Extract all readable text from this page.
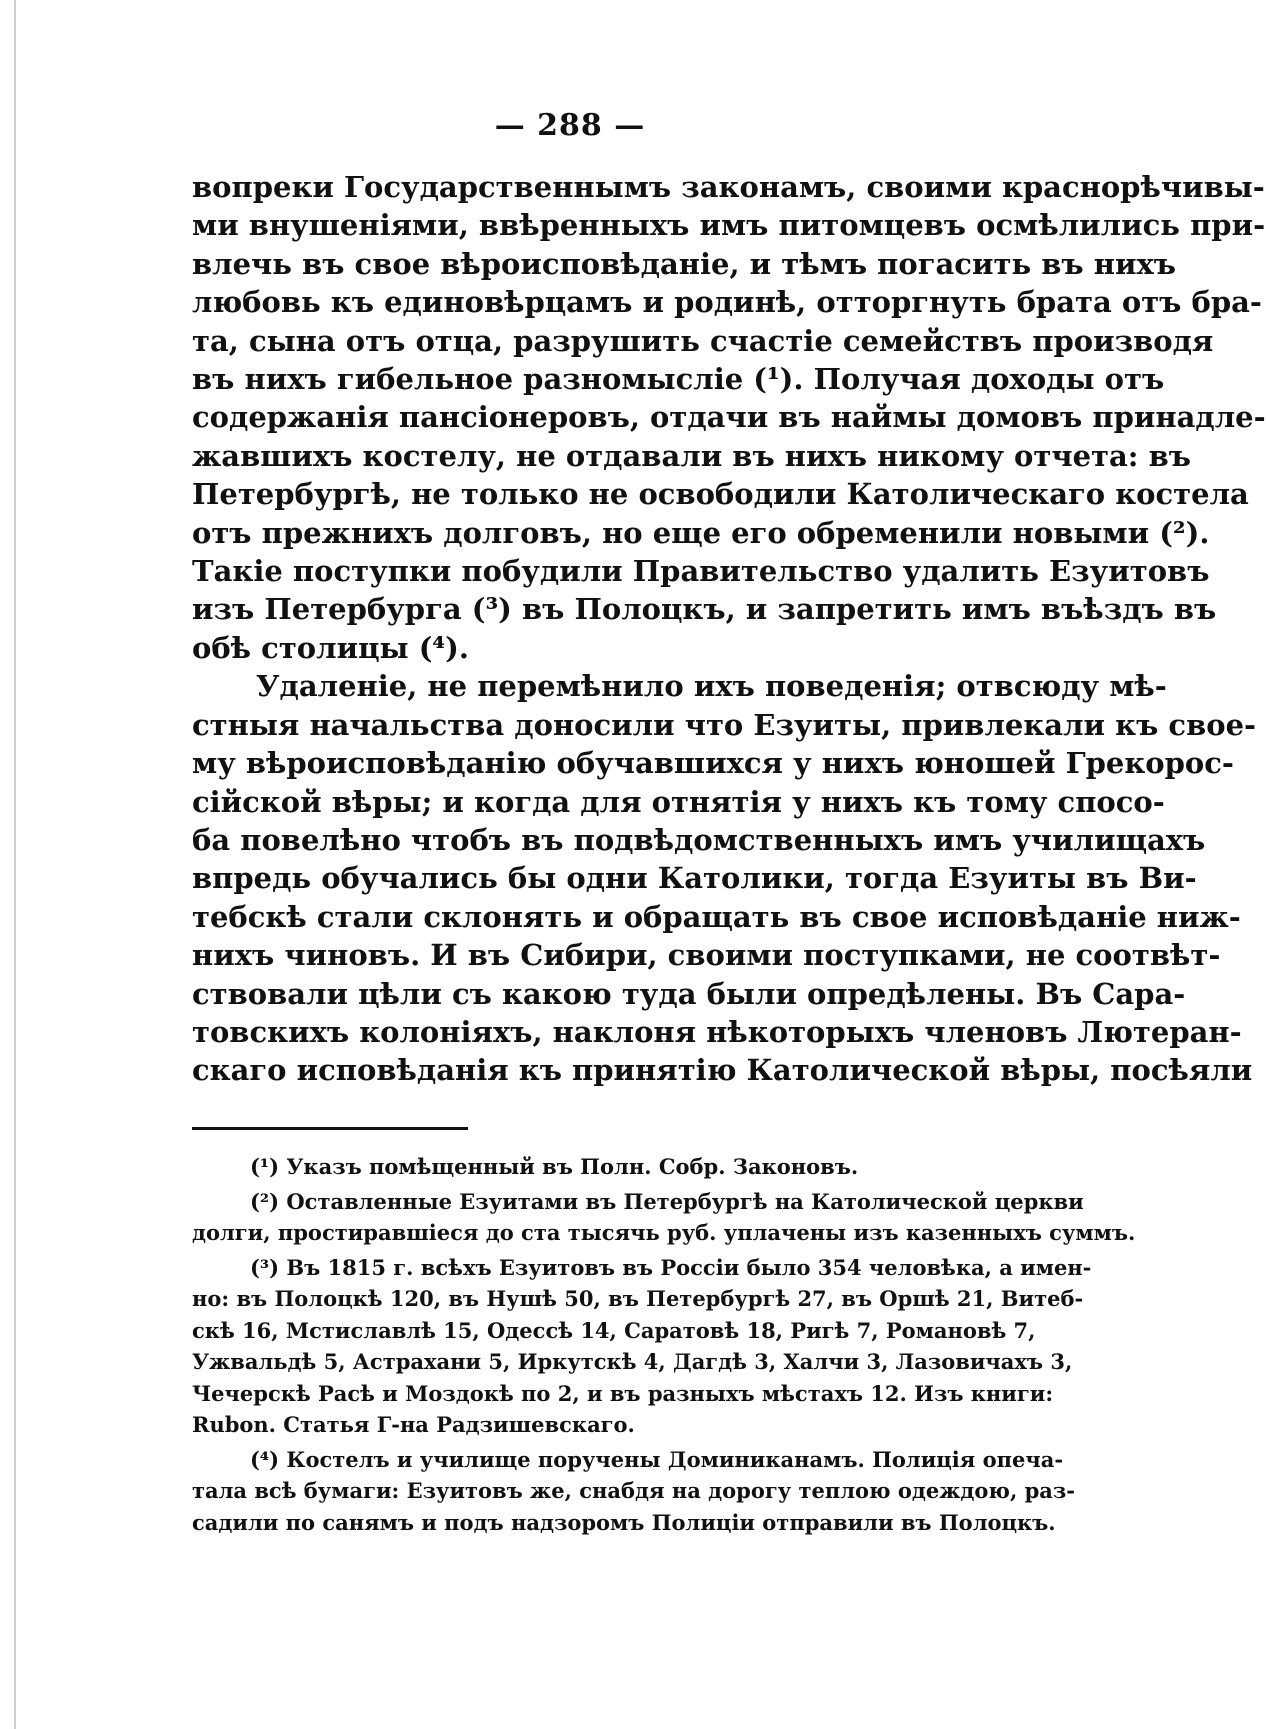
— 288 —
вопреки Государственнымъ законамъ, своими краснорѣчивы-
ми внушеніями, ввѣренныхъ имъ питомцевъ осмѣлились при-
влечь въ свое вѣроисповѣданіе, и тѣмъ погасить въ нихъ
любовь къ единовѣрцамъ и родинѣ, отторгнуть брата отъ бра-
та, сына отъ отца, разрушить счастіе семействъ производя
въ нихъ гибельное разномысліе (¹). Получая доходы отъ
содержанія пансіонеровъ, отдачи въ наймы домовъ принадле-
жавшихъ костелу, не отдавали въ нихъ никому отчета: въ
Петербургѣ, не только не освободили Католическаго костела
отъ прежнихъ долговъ, но еще его обременили новыми (²).
Такіе поступки побудили Правительство удалить Езуитовъ
изъ Петербурга (³) въ Полоцкъ, и запретить имъ въѣздъ въ
обѣ столицы (⁴).
Удаленіе, не перемѣнило ихъ поведенія; отвсюду мѣ-
стныя начальства доносили что Езуиты, привлекали къ свое-
му вѣроисповѣданію обучавшихся у нихъ юношей Грекорос-
сійской вѣры; и когда для отнятія у нихъ къ тому спосо-
ба повелѣно чтобъ въ подвѣдомственныхъ имъ училищахъ
впредь обучались бы одни Католики, тогда Езуиты въ Ви-
тебскѣ стали склонять и обращать въ свое исповѣданіе ниж-
нихъ чиновъ. И въ Сибири, своими поступками, не соотвѣт-
ствовали цѣли съ какою туда были опредѣлены. Въ Сара-
товскихъ колоніяхъ, наклоня нѣкоторыхъ членовъ Лютеран-
скаго исповѣданія къ принятію Католической вѣры, посѣяли
(¹) Указъ помѣщенный въ Полн. Собр. Законовъ.
(²) Оставленные Езуитами въ Петербургѣ на Католической церкви
долги, простиравшіеся до ста тысячь руб. уплачены изъ казенныхъ суммъ.
(³) Въ 1815 г. всѣхъ Езуитовъ въ Россіи было 354 человѣка, а имен-
но: въ Полоцкѣ 120, въ Нушѣ 50, въ Петербургѣ 27, въ Оршѣ 21, Витеб-
скѣ 16, Мстиславлѣ 15, Одессѣ 14, Саратовѣ 18, Ригѣ 7, Романовѣ 7,
Ужвальдѣ 5, Астрахани 5, Иркутскѣ 4, Дагдѣ 3, Халчи 3, Лазовичахъ 3,
Чечерскѣ Расѣ и Моздокѣ по 2, и въ разныхъ мѣстахъ 12. Изъ книги:
Rubon. Статья Г-на Радзишевскаго.
(⁴) Костелъ и училище поручены Доминиканамъ. Полиція опеча-
тала всѣ бумаги: Езуитовъ же, снабдя на дорогу теплою одеждою, раз-
садили по санямъ и подъ надзоромъ Полиціи отправили въ Полоцкъ.
